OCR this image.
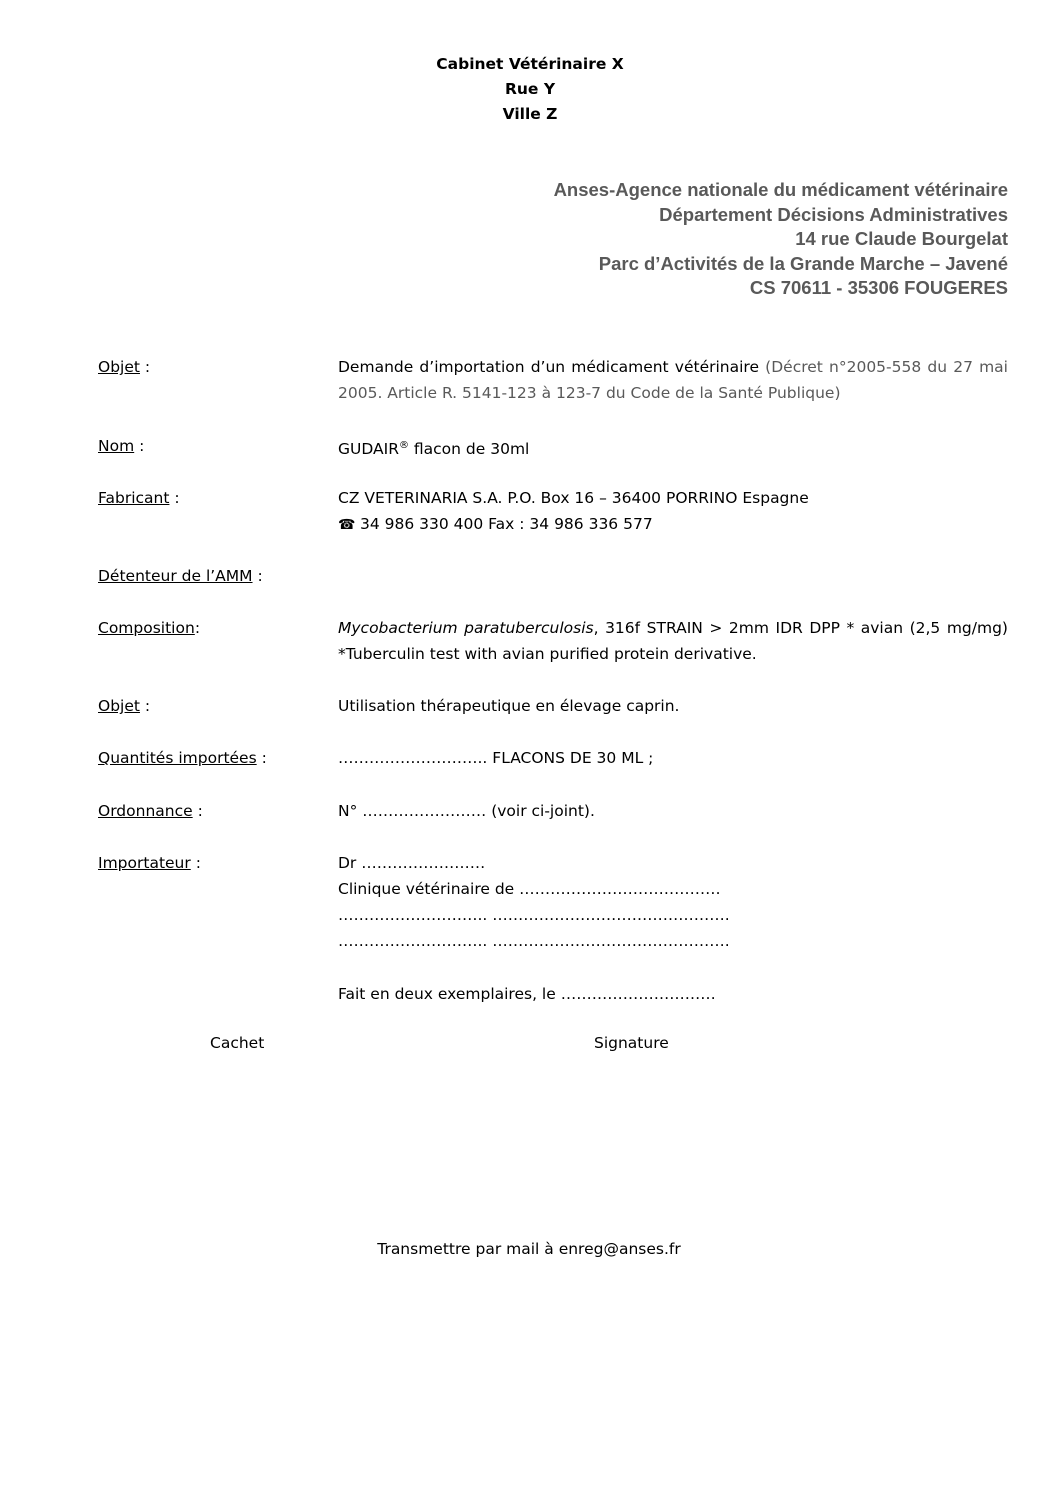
Cabinet Vétérinaire X
Rue Y
Ville Z
Anses-Agence nationale du médicament vétérinaire
Département Décisions Administratives
14 rue Claude Bourgelat
Parc d’Activités de la Grande Marche – Javené
CS 70611 - 35306 FOUGERES
Objet :	Demande d’importation d’un médicament vétérinaire (Décret n°2005-558 du 27 mai 2005. Article R. 5141-123 à 123-7 du Code de la Santé Publique)
Nom :	GUDAIR® flacon de 30ml
Fabricant :	CZ VETERINARIA S.A. P.O. Box 16 – 36400 PORRINO Espagne
☎ 34 986 330 400 Fax : 34 986 336 577
Détenteur de l’AMM :
Composition:	Mycobacterium paratuberculosis, 316f STRAIN > 2mm IDR DPP * avian (2,5 mg/mg) *Tuberculin test with avian purified protein derivative.
Objet :	Utilisation thérapeutique en élevage caprin.
Quantités importées :	……………………….. FLACONS DE 30 ML ;
Ordonnance :	N° …………………… (voir ci-joint).
Importateur :	Dr ……………………
Clinique vétérinaire de …………………………………
……………………….. ……………………………………….
……………………….. ……………………………………….
Fait en deux exemplaires, le …………………………
Cachet	Signature
Transmettre par mail à enreg@anses.fr
